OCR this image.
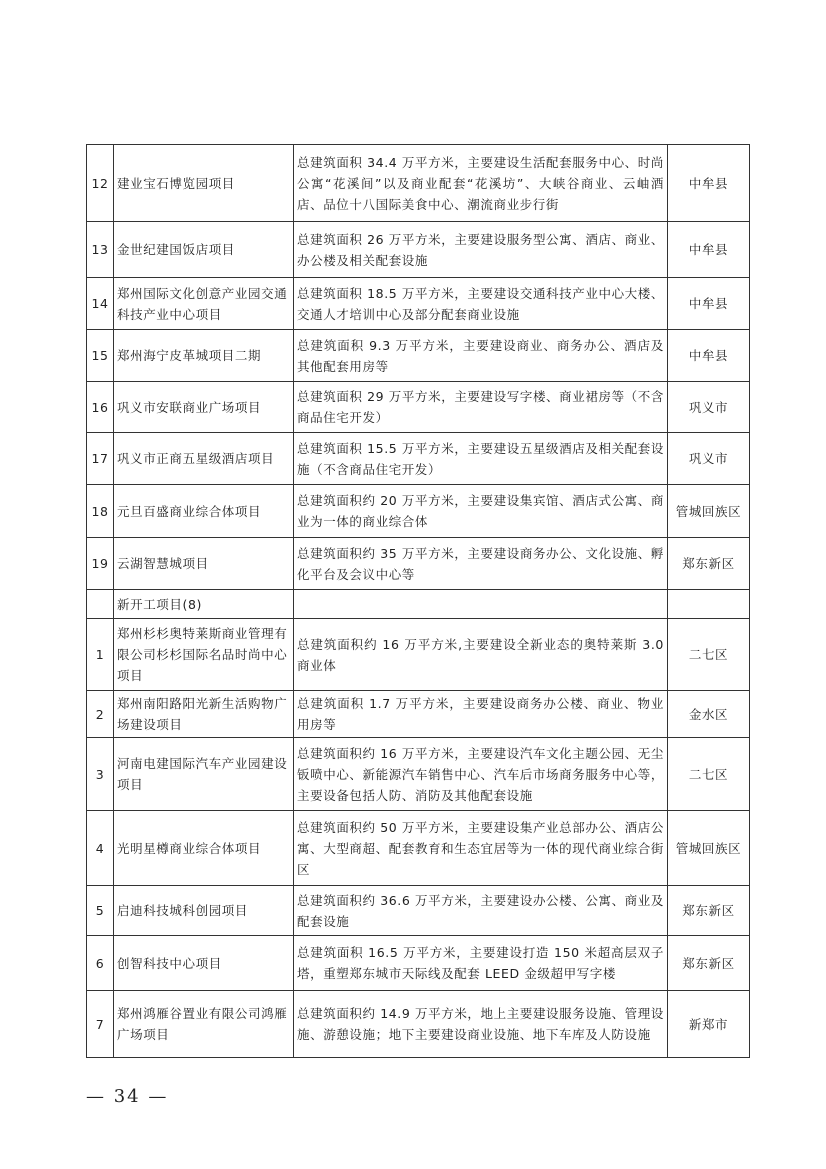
12	建业宝石博览园项目	总建筑面积 34.4 万平方米，主要建设生活配套服务中心、时尚公寓“花溪间”以及商业配套“花溪坊”、大峡谷商业、云岫酒店、品位十八国际美食中心、潮流商业步行街	中牟县
13	金世纪建国饭店项目	总建筑面积 26 万平方米，主要建设服务型公寓、酒店、商业、办公楼及相关配套设施	中牟县
14	郑州国际文化创意产业园交通科技产业中心项目	总建筑面积 18.5 万平方米，主要建设交通科技产业中心大楼、交通人才培训中心及部分配套商业设施	中牟县
15	郑州海宁皮革城项目二期	总建筑面积 9.3 万平方米，主要建设商业、商务办公、酒店及其他配套用房等	中牟县
16	巩义市安联商业广场项目	总建筑面积 29 万平方米，主要建设写字楼、商业裙房等（不含商品住宅开发）	巩义市
17	巩义市正商五星级酒店项目	总建筑面积 15.5 万平方米，主要建设五星级酒店及相关配套设施（不含商品住宅开发）	巩义市
18	元旦百盛商业综合体项目	总建筑面积约 20 万平方米，主要建设集宾馆、酒店式公寓、商业为一体的商业综合体	管城回族区
19	云湖智慧城项目	总建筑面积约 35 万平方米，主要建设商务办公、文化设施、孵化平台及会议中心等	郑东新区
	新开工项目(8)		
1	郑州杉杉奥特莱斯商业管理有限公司杉杉国际名品时尚中心项目	总建筑面积约 16 万平方米,主要建设全新业态的奥特莱斯 3.0 商业体	二七区
2	郑州南阳路阳光新生活购物广场建设项目	总建筑面积 1.7 万平方米，主要建设商务办公楼、商业、物业用房等	金水区
3	河南电建国际汽车产业园建设项目	总建筑面积约 16 万平方米，主要建设汽车文化主题公园、无尘钣喷中心、新能源汽车销售中心、汽车后市场商务服务中心等，主要设备包括人防、消防及其他配套设施	二七区
4	光明星樽商业综合体项目	总建筑面积约 50 万平方米，主要建设集产业总部办公、酒店公寓、大型商超、配套教育和生态宜居等为一体的现代商业综合街区	管城回族区
5	启迪科技城科创园项目	总建筑面积约 36.6 万平方米，主要建设办公楼、公寓、商业及配套设施	郑东新区
6	创智科技中心项目	总建筑面积 16.5 万平方米，主要建设打造 150 米超高层双子塔，重塑郑东城市天际线及配套 LEED 金级超甲写字楼	郑东新区
7	郑州鸿雁谷置业有限公司鸿雁广场项目	总建筑面积约 14.9 万平方米，地上主要建设服务设施、管理设施、游憩设施；地下主要建设商业设施、地下车库及人防设施	新郑市
— 34 —
